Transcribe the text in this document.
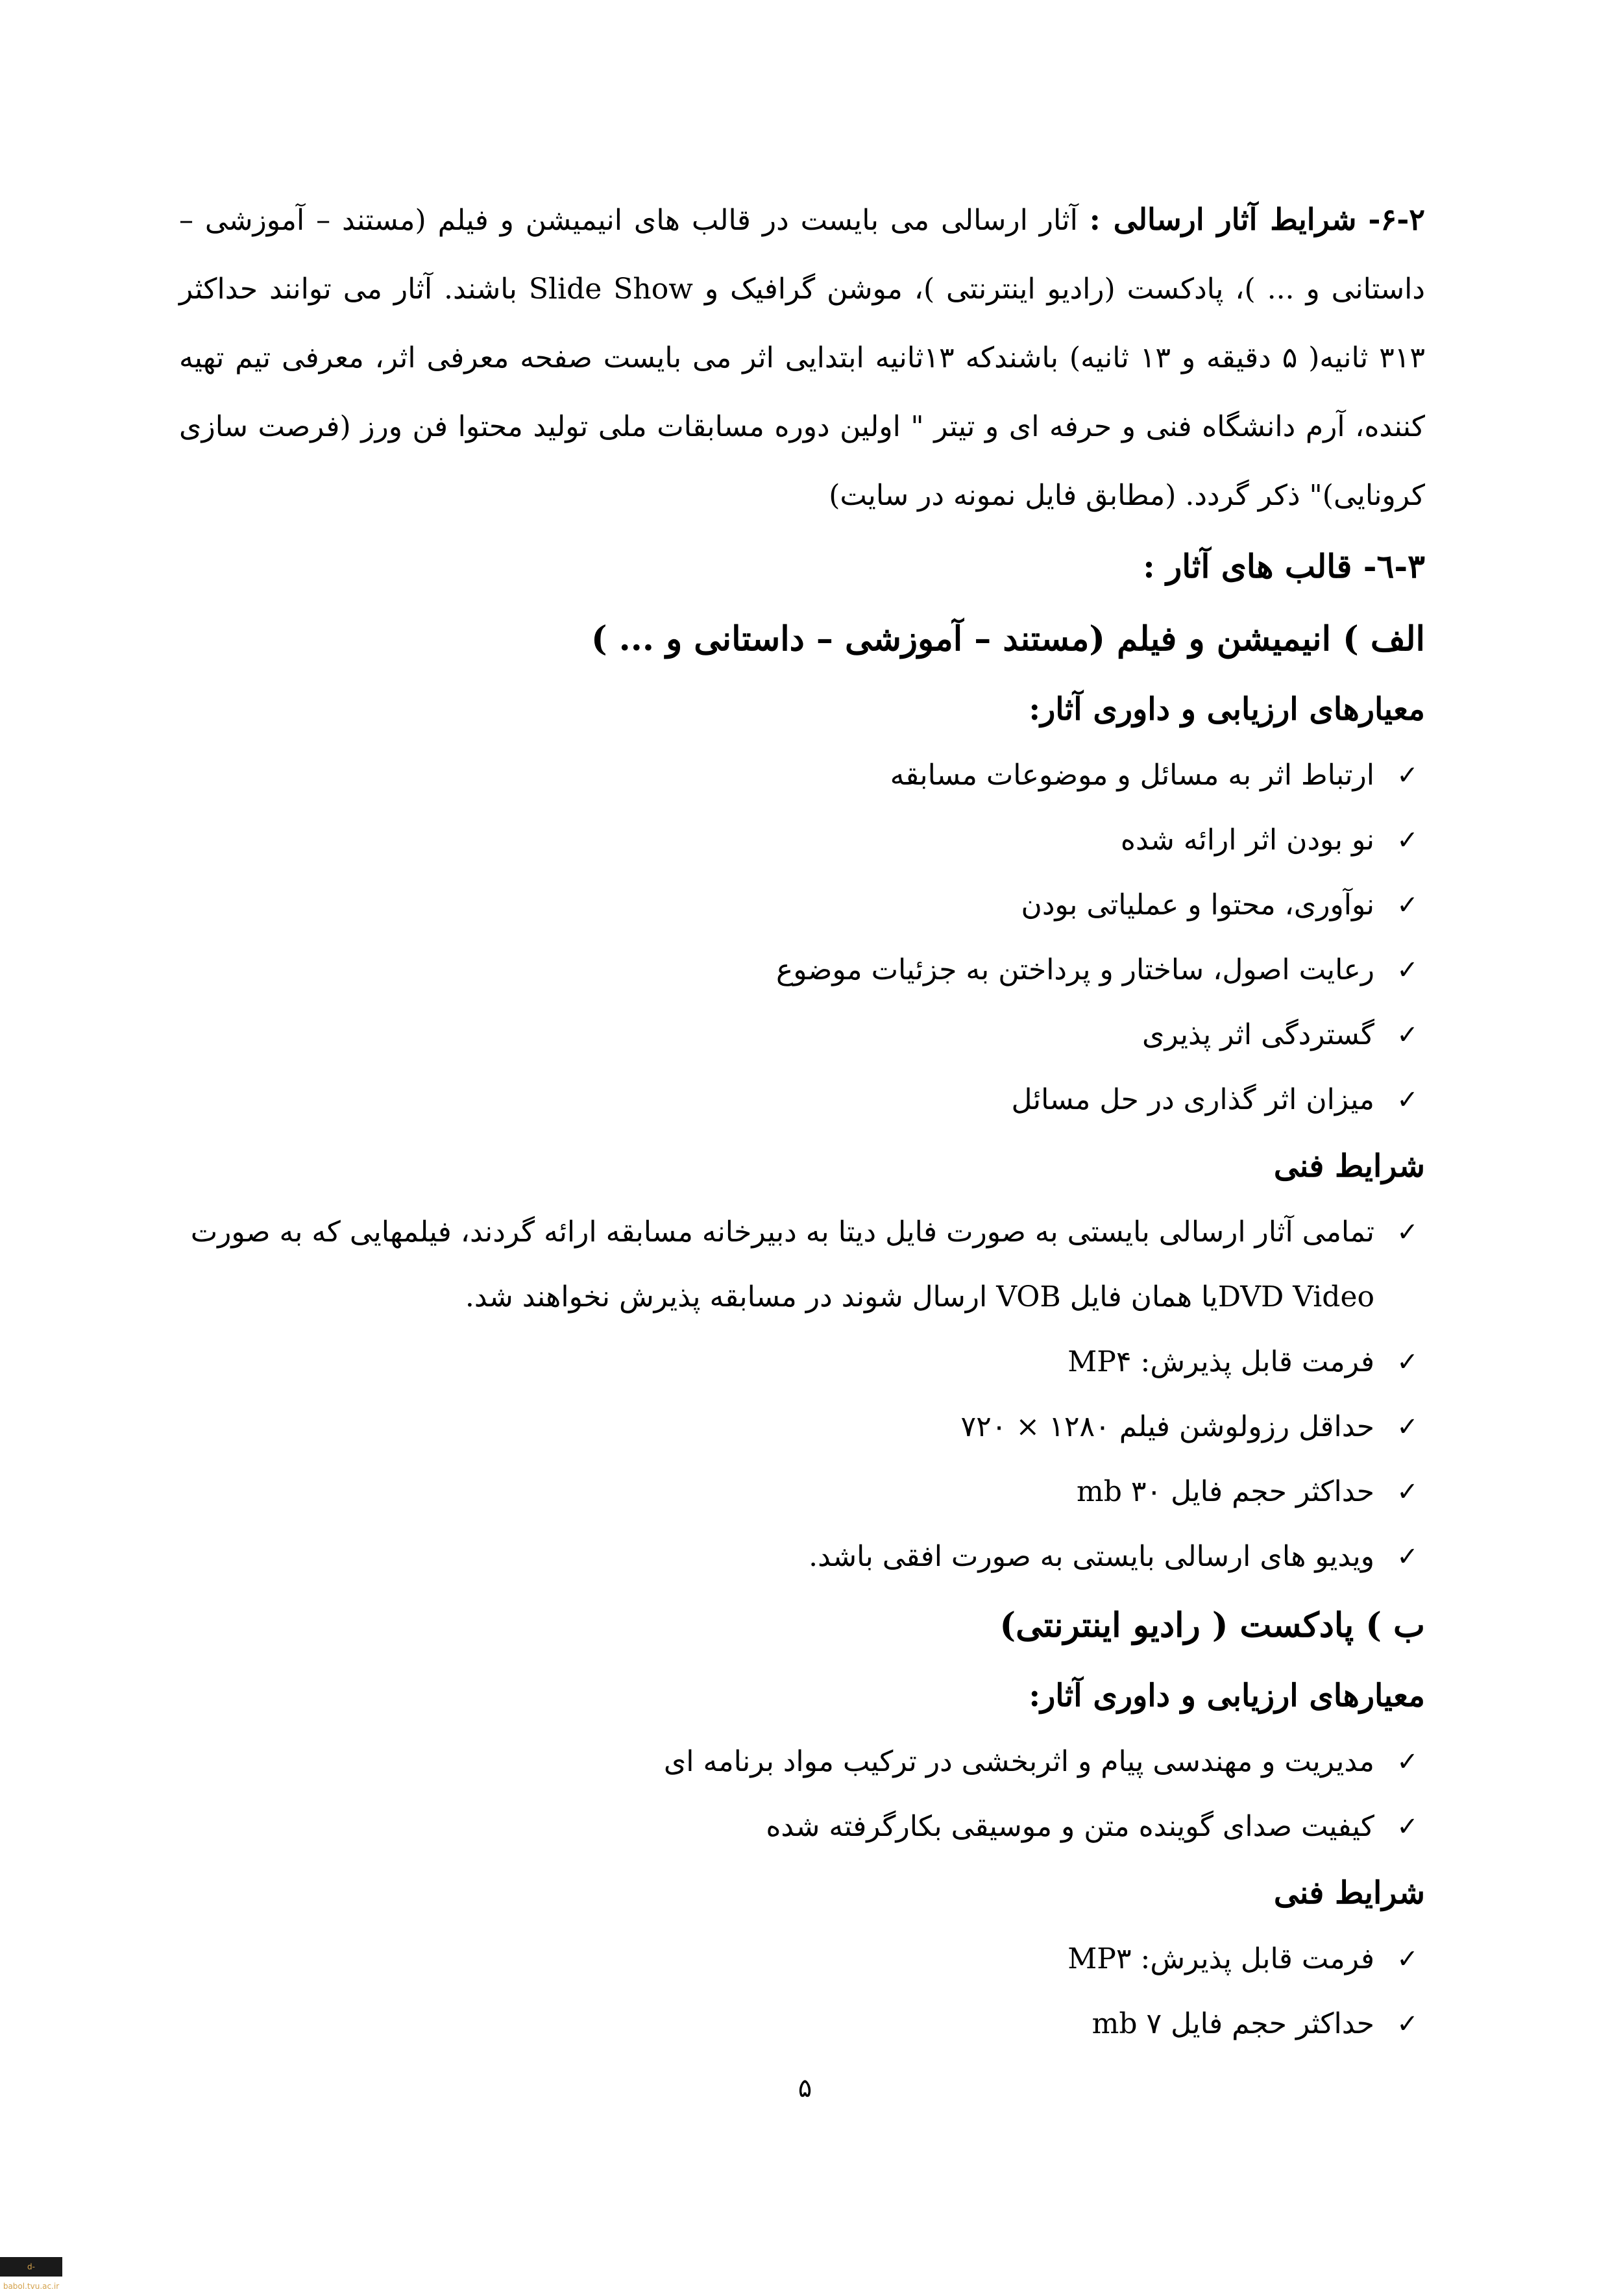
۶-۲- شرایط آثار ارسالی : آثار ارسالی می بایست در قالب های انیمیشن و فیلم (مستند – آموزشی – داستانی و ... )، پادکست (رادیو اینترنتی )، موشن گرافیک و Slide Show باشند. آثار می توانند حداکثر ۳۱۳ ثانیه( ۵ دقیقه و ۱۳ ثانیه) باشندکه ۱۳ثانیه ابتدایی اثر می بایست صفحه معرفی اثر، معرفی تیم تهیه کننده، آرم دانشگاه فنی و حرفه ای و تیتر " اولین دوره مسابقات ملی تولید محتوا فن ورز (فرصت سازی کرونایی)" ذکر گردد. (مطابق فایل نمونه در سایت)

۳-٦- قالب های آثار :
الف ) انیمیشن و فیلم (مستند – آموزشی – داستانی و ... )
معیارهای ارزیابی و داوری آثار:
✓
ارتباط اثر به مسائل و موضوعات مسابقه
✓
نو بودن اثر ارائه شده
✓
نوآوری، محتوا و عملیاتی بودن
✓
رعایت اصول، ساختار و پرداختن به جزئیات موضوع
✓
گستردگی اثر پذیری
✓
میزان اثر گذاری در حل مسائل
شرایط فنی
✓
تمامی آثار ارسالی بایستی به صورت فایل دیتا به دبیرخانه مسابقه ارائه گردند، فیلمهایی که به صورت DVD Videoیا همان فایل VOB ارسال شوند در مسابقه پذیرش نخواهند شد.
✓
فرمت قابل پذیرش: MP۴
✓
حداقل رزولوشن فیلم ۱۲۸۰ × ۷۲۰
✓
حداکثر حجم فایل ۳۰ mb
✓
ویدیو های ارسالی بایستی به صورت افقی باشد.
ب ) پادکست ( رادیو اینترنتی)
معیارهای ارزیابی و داوری آثار:
✓
مدیریت و مهندسی پیام و اثربخشی در ترکیب مواد برنامه ای
✓
کیفیت صدای گوینده متن و موسیقی بکارگرفته شده
شرایط فنی
✓
فرمت قابل پذیرش: MP۳
✓
حداکثر حجم فایل ۷ mb
۵
d-babol.tvu.ac.ir
